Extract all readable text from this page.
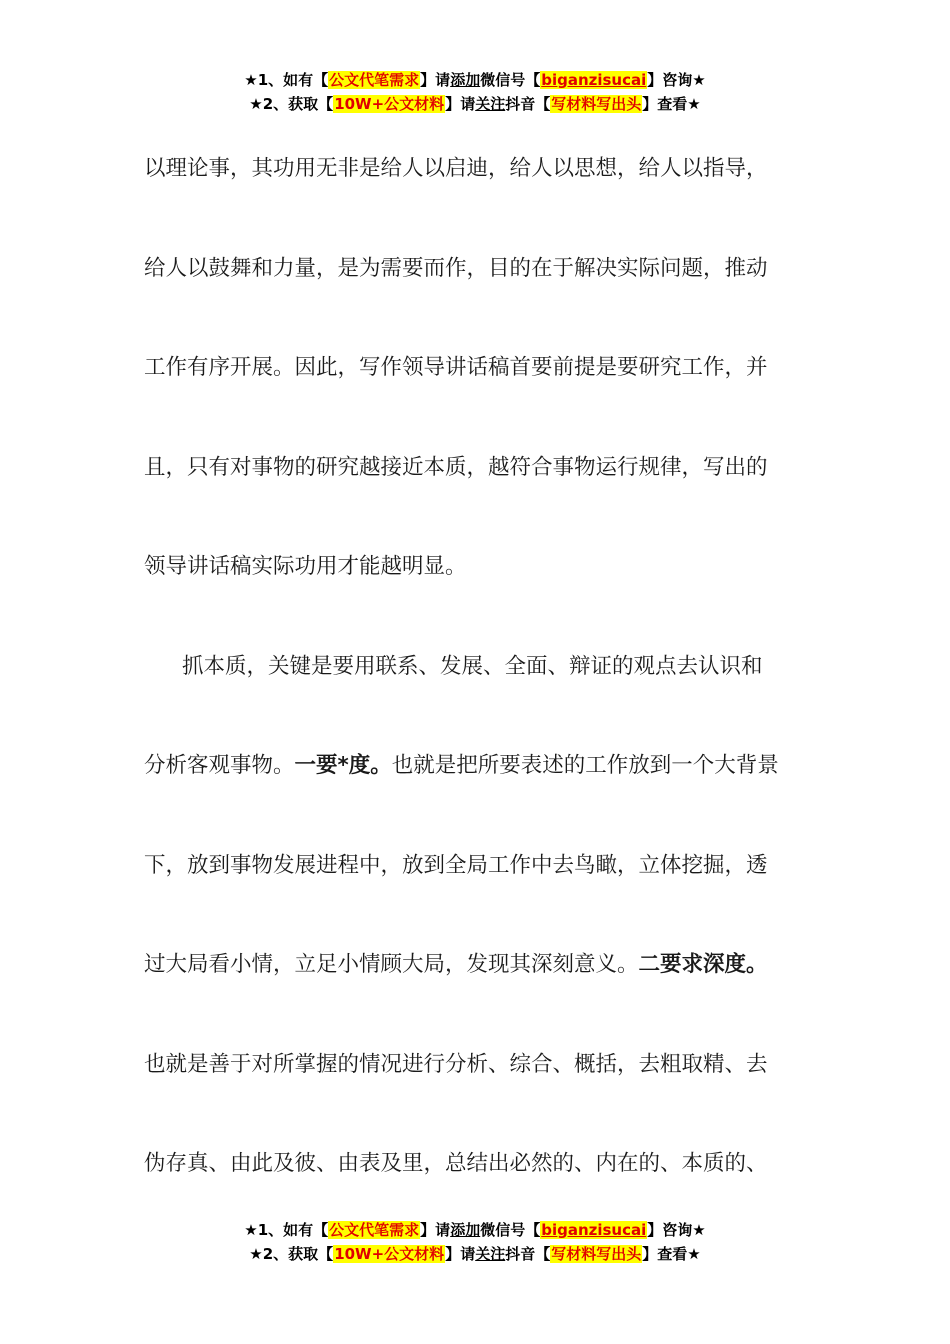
★1、如有【公文代笔需求】请添加微信号【biganzisucai】咨询★
★2、获取【10W+公文材料】请关注抖音【写材料写出头】查看★
以理论事，其功用无非是给人以启迪，给人以思想，给人以指导，
给人以鼓舞和力量，是为需要而作，目的在于解决实际问题，推动
工作有序开展。因此，写作领导讲话稿首要前提是要研究工作，并
且，只有对事物的研究越接近本质，越符合事物运行规律，写出的
领导讲话稿实际功用才能越明显。
抓本质，关键是要用联系、发展、全面、辩证的观点去认识和
分析客观事物。一要*度。也就是把所要表述的工作放到一个大背景
下，放到事物发展进程中，放到全局工作中去鸟瞰，立体挖掘，透
过大局看小情，立足小情顾大局，发现其深刻意义。二要求深度。
也就是善于对所掌握的情况进行分析、综合、概括，去粗取精、去
伪存真、由此及彼、由表及里，总结出必然的、内在的、本质的、
★1、如有【公文代笔需求】请添加微信号【biganzisucai】咨询★
★2、获取【10W+公文材料】请关注抖音【写材料写出头】查看★
